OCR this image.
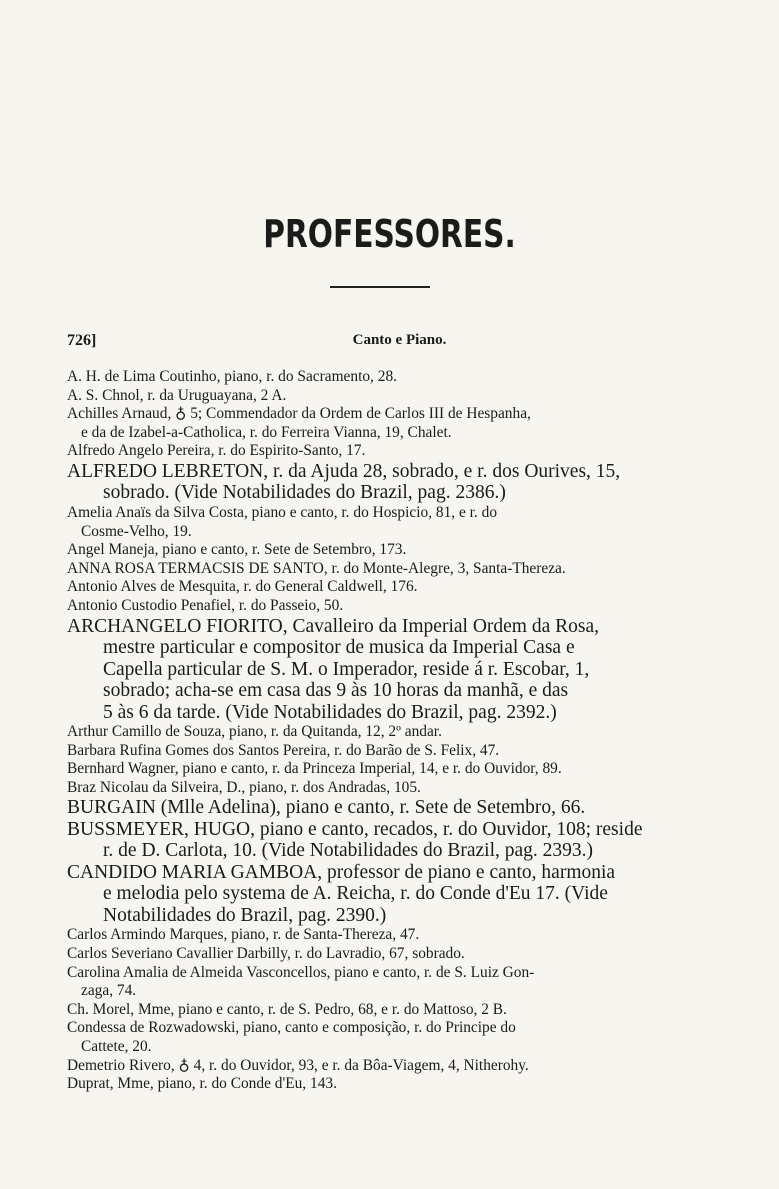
PROFESSORES.
726]	Canto e Piano.
A. H. de Lima Coutinho, piano, r. do Sacramento, 28.
A. S. Chnol, r. da Uruguayana, 2 A.
Achilles Arnaud, ♁ 5; Commendador da Ordem de Carlos III de Hespanha,
e da de Izabel-a-Catholica, r. do Ferreira Vianna, 19, Chalet.
Alfredo Angelo Pereira, r. do Espirito-Santo, 17.
ALFREDO LEBRETON, r. da Ajuda 28, sobrado, e r. dos Ourives, 15,
sobrado. (Vide Notabilidades do Brazil, pag. 2386.)
Amelia Anaïs da Silva Costa, piano e canto, r. do Hospicio, 81, e r. do
Cosme-Velho, 19.
Angel Maneja, piano e canto, r. Sete de Setembro, 173.
ANNA ROSA TERMACSIS DE SANTO, r. do Monte-Alegre, 3, Santa-Thereza.
Antonio Alves de Mesquita, r. do General Caldwell, 176.
Antonio Custodio Penafiel, r. do Passeio, 50.
ARCHANGELO FIORITO, Cavalleiro da Imperial Ordem da Rosa,
mestre particular e compositor de musica da Imperial Casa e
Capella particular de S. M. o Imperador, reside á r. Escobar, 1,
sobrado; acha-se em casa das 9 às 10 horas da manhã, e das
5 às 6 da tarde. (Vide Notabilidades do Brazil, pag. 2392.)
Arthur Camillo de Souza, piano, r. da Quitanda, 12, 2º andar.
Barbara Rufina Gomes dos Santos Pereira, r. do Barão de S. Felix, 47.
Bernhard Wagner, piano e canto, r. da Princeza Imperial, 14, e r. do Ouvidor, 89.
Braz Nicolau da Silveira, D., piano, r. dos Andradas, 105.
BURGAIN (Mlle Adelina), piano e canto, r. Sete de Setembro, 66.
BUSSMEYER, HUGO, piano e canto, recados, r. do Ouvidor, 108; reside
r. de D. Carlota, 10. (Vide Notabilidades do Brazil, pag. 2393.)
CANDIDO MARIA GAMBOA, professor de piano e canto, harmonia
e melodia pelo systema de A. Reicha, r. do Conde d'Eu 17. (Vide
Notabilidades do Brazil, pag. 2390.)
Carlos Armindo Marques, piano, r. de Santa-Thereza, 47.
Carlos Severiano Cavallier Darbilly, r. do Lavradio, 67, sobrado.
Carolina Amalia de Almeida Vasconcellos, piano e canto, r. de S. Luiz Gon-
zaga, 74.
Ch. Morel, Mme, piano e canto, r. de S. Pedro, 68, e r. do Mattoso, 2 B.
Condessa de Rozwadowski, piano, canto e composição, r. do Principe do
Cattete, 20.
Demetrio Rivero, ♁ 4, r. do Ouvidor, 93, e r. da Bôa-Viagem, 4, Nitherohy.
Duprat, Mme, piano, r. do Conde d'Eu, 143.
